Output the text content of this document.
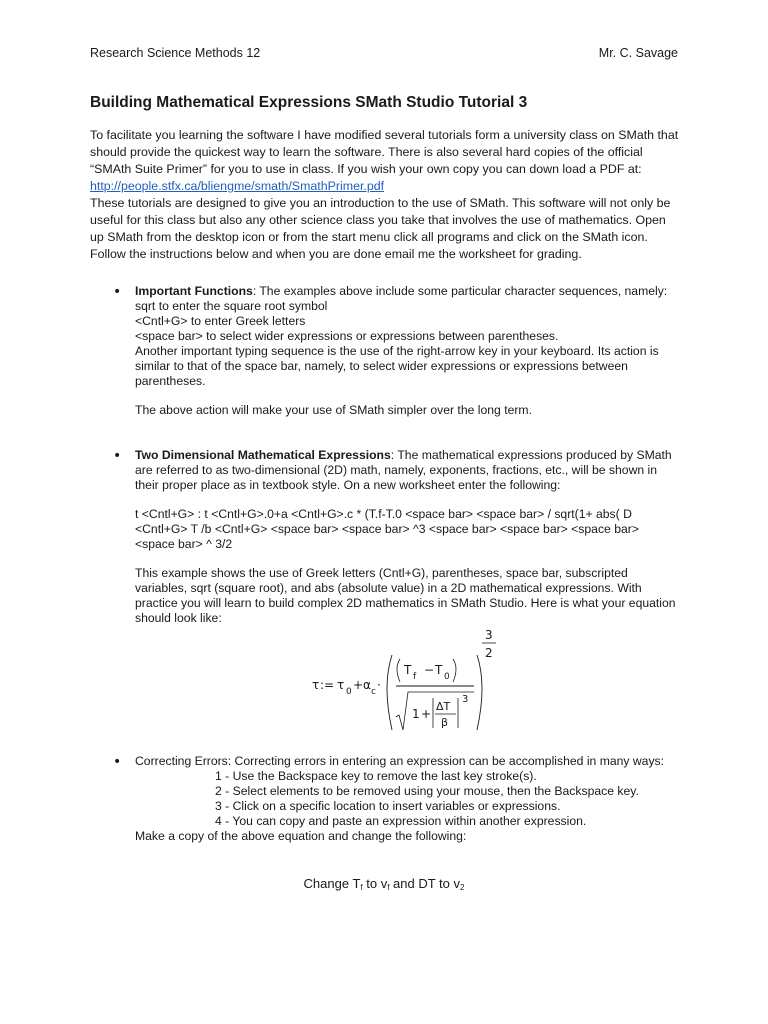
Research Science Methods 12	Mr. C. Savage
Building Mathematical Expressions SMath Studio Tutorial 3

To facilitate you learning the software I have modified several tutorials form a university class on SMath that should provide the quickest way to learn the software. There is also several hard copies of the official “SMAth Suite Primer” for you to use in class. If you wish your own copy you can down load a PDF at: http://people.stfx.ca/bliengme/smath/SmathPrimer.pdf

These tutorials are designed to give you an introduction to the use of SMath. This software will not only be useful for this class but also any other science class you take that involves the use of mathematics. Open up SMath from the desktop icon or from the start menu click all programs and click on the SMath icon. Follow the instructions below and when you are done email me the worksheet for grading.

• Important Functions: The examples above include some particular character sequences, namely:

sqrt to enter the square root symbol

<Cntl+G> to enter Greek letters

<space bar> to select wider expressions or expressions between parentheses.

Another important typing sequence is the use of the right-arrow key in your keyboard. Its action is similar to that of the space bar, namely, to select wider expressions or expressions between parentheses.

The above action will make your use of SMath simpler over the long term.

• Two Dimensional Mathematical Expressions: The mathematical expressions produced by SMath are referred to as two-dimensional (2D) math, namely, exponents, fractions, etc., will be shown in their proper place as in textbook style. On a new worksheet enter the following:

t <Cntl+G> : t <Cntl+G>.0+a <Cntl+G>.c * (T.f-T.0 <space bar> <space bar> / sqrt(1+ abs( D <Cntl+G> T /b <Cntl+G> <space bar> <space bar> ^3 <space bar> <space bar> <space bar> <space bar> ^ 3/2

This example shows the use of Greek letters (Cntl+G), parentheses, space bar, subscripted variables, sqrt (square root), and abs (absolute value) in a 2D mathematical expressions. With practice you will learn to build complex 2D mathematics in SMath Studio. Here is what your equation should look like:

3
2
τ := τ 0 + α c ·
T f − T 0
1 +
ΔT
β
3
• Correcting Errors: Correcting errors in entering an expression can be accomplished in many ways:

1 - Use the Backspace key to remove the last key stroke(s).

2 - Select elements to be removed using your mouse, then the Backspace key.

3 - Click on a specific location to insert variables or expressions.

4 - You can copy and paste an expression within another expression.

Make a copy of the above equation and change the following:

Change $T_f$ to $v_f$ and DT to $v_2$
